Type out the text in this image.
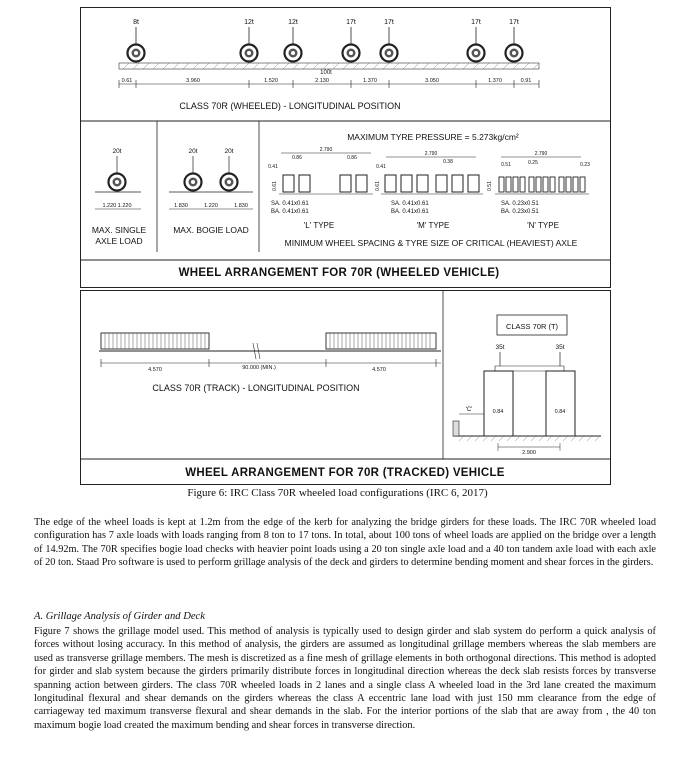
8t	12t	12t	17t	17t	17t	17t
100t
0.61	3.960	1.520	2.130	1.370	3.050	1.370	0.91
CLASS 70R (WHEELED) - LONGITUDINAL POSITION
20t
1.220 1.220
MAX. SINGLE
AXLE LOAD
20t	20t
1.830	1.220	1.830
MAX. BOGIE LOAD
MAXIMUM TYRE PRESSURE = 5.273kg/cm²
2.790
0.86	0.86
0.41
0.61
SA. 0.41x0.61
BA. 0.41x0.61
'L' TYPE
2.790
0.38
0.41
0.61
SA. 0.41x0.61
BA. 0.41x0.61
'M' TYPE
2.790
0.51	0.25	0.23
0.51
SA. 0.23x0.51
BA. 0.23x0.51
'N' TYPE
MINIMUM WHEEL SPACING & TYRE SIZE OF CRITICAL (HEAVIEST) AXLE
WHEEL ARRANGEMENT FOR 70R (WHEELED VEHICLE)
4.570	90.000 (MIN.)	4.570
CLASS 70R (TRACK) - LONGITUDINAL POSITION
CLASS 70R (T)
35t	35t
'C'	0.84	0.84
2.900
WHEEL ARRANGEMENT FOR 70R (TRACKED) VEHICLE
Figure 6: IRC Class 70R wheeled load configurations (IRC 6, 2017)
The edge of the wheel loads is kept at 1.2m from the edge of the kerb for analyzing the bridge girders for these loads. The IRC 70R wheeled load configuration has 7 axle loads with loads ranging from 8 ton to 17 tons. In total, about 100 tons of wheel loads are applied on the bridge over a length of 14.92m. The 70R specifies bogie load checks with heavier point loads using a 20 ton single axle load and a 40 ton tandem axle load with each axle of 20 ton. Staad Pro software is used to perform grillage analysis of the deck and girders to determine bending moment and shear forces in the girders.
A. Grillage Analysis of Girder and Deck
Figure 7 shows the grillage model used. This method of analysis is typically used to design girder and slab system do perform a quick analysis of forces without losing accuracy. In this method of analysis, the girders are assumed as longitudinal grillage members whereas the slab members are used as transverse grillage members. The mesh is discretized as a fine mesh of grillage elements in both orthogonal directions. This method is adopted for girder and slab system because the girders primarily distribute forces in longitudinal direction whereas the deck slab resists forces by transverse spanning action between girders. The class 70R wheeled loads in 2 lanes and a single class A wheeled load in the 3rd lane created the maximum longitudinal flexural and shear demands on the girders whereas the class A eccentric lane load with just 150 mm clearance from the edge of carriageway ted maximum transverse flexural and shear demands in the slab. For the interior portions of the slab that are away from , the 40 ton maximum bogie load created the maximum bending and shear forces in transverse direction.
